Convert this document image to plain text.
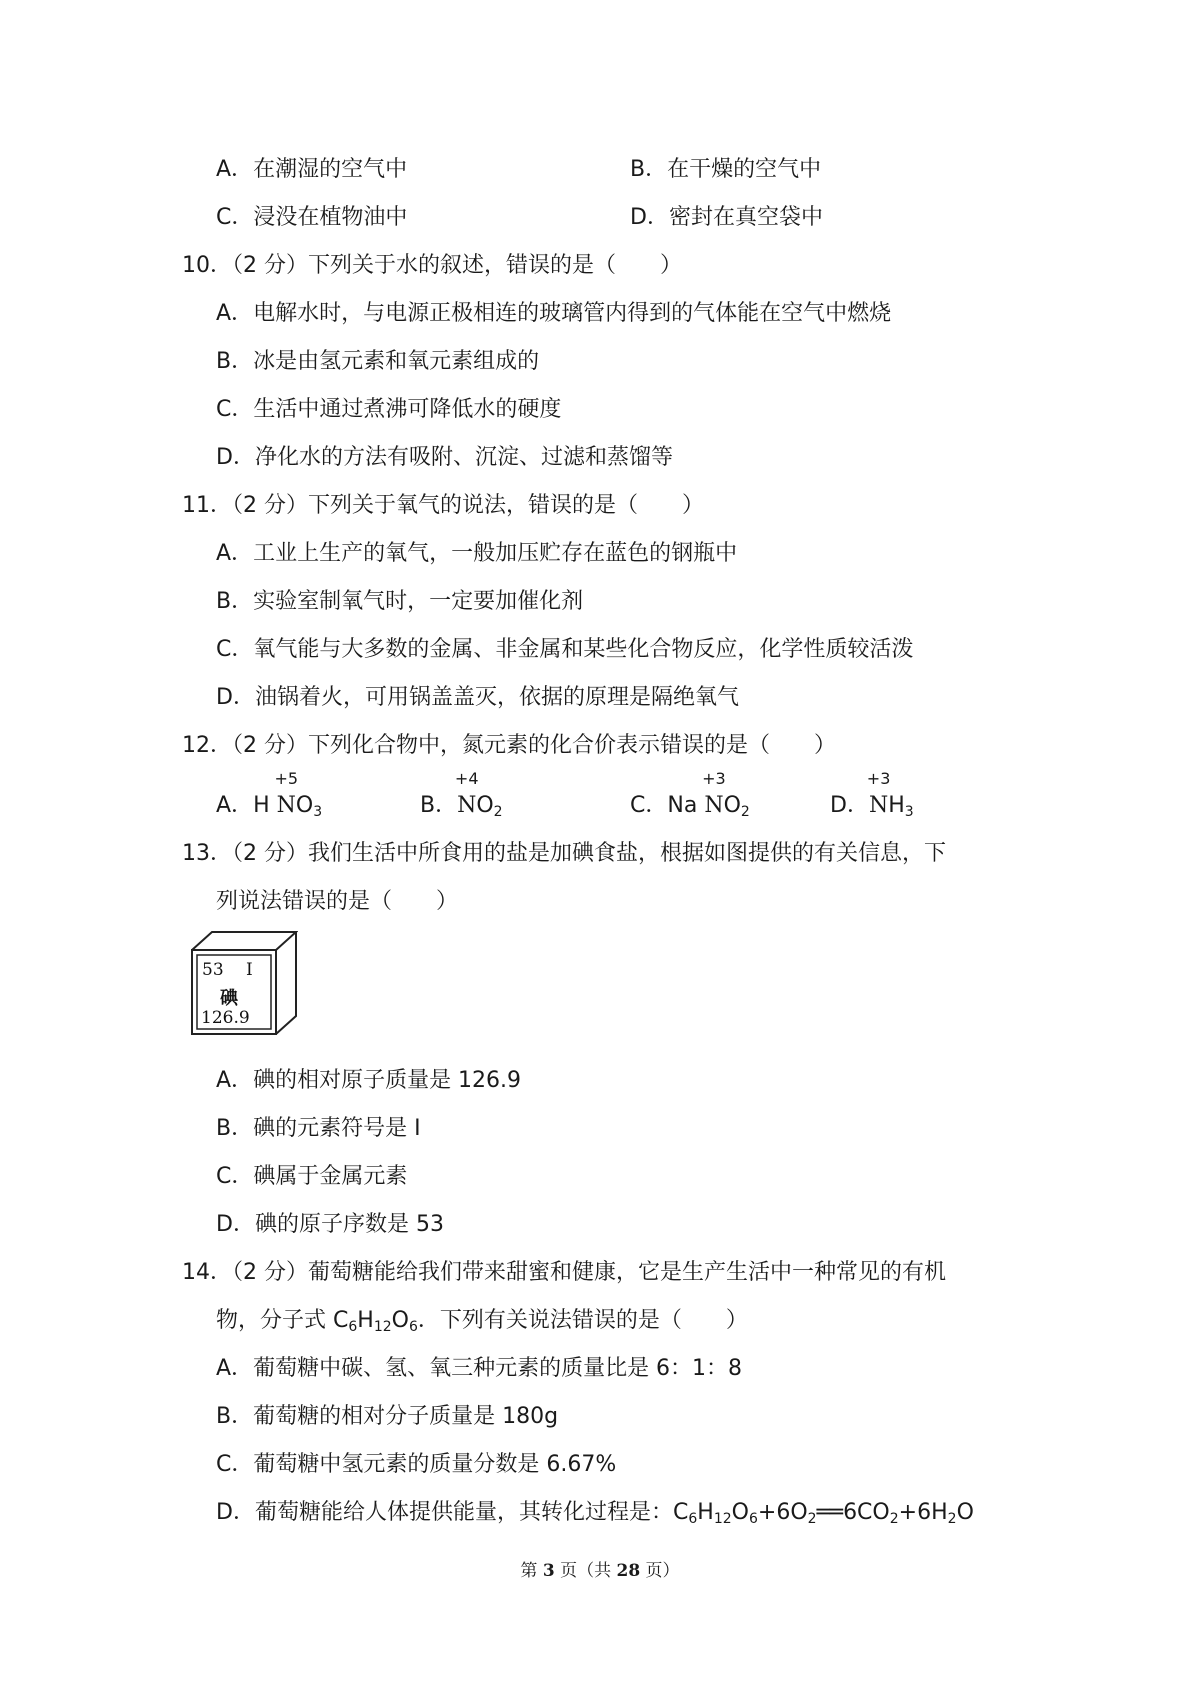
A．在潮湿的空气中	B．在干燥的空气中
C．浸没在植物油中	D．密封在真空袋中
10．（2 分）下列关于水的叙述，错误的是（　　）
A．电解水时，与电源正极相连的玻璃管内得到的气体能在空气中燃烧
B．冰是由氢元素和氧元素组成的
C．生活中通过煮沸可降低水的硬度
D．净化水的方法有吸附、沉淀、过滤和蒸馏等
11．（2 分）下列关于氧气的说法，错误的是（　　）
A．工业上生产的氧气，一般加压贮存在蓝色的钢瓶中
B．实验室制氧气时，一定要加催化剂
C．氧气能与大多数的金属、非金属和某些化合物反应，化学性质较活泼
D．油锅着火，可用锅盖盖灭，依据的原理是隔绝氧气
12．（2 分）下列化合物中，氮元素的化合价表示错误的是（　　）
A．H
+5
$NO_3$	B．
+4
$NO_2$	C．Na
+3
$NO_2$	D．
+3
$NH_3$
13．（2 分）我们生活中所食用的盐是加碘食盐，根据如图提供的有关信息，下
列说法错误的是（　　）
53 I
碘
126.9
A．碘的相对原子质量是 126.9
B．碘的元素符号是 I
C．碘属于金属元素
D．碘的原子序数是 53
14．（2 分）葡萄糖能给我们带来甜蜜和健康，它是生产生活中一种常见的有机
物，分子式 $C_6H_{12}O_6$．下列有关说法错误的是（　　）
A．葡萄糖中碳、氢、氧三种元素的质量比是 6：1：8
B．葡萄糖的相对分子质量是 180g
C．葡萄糖中氢元素的质量分数是 6.67%
D．葡萄糖能给人体提供能量，其转化过程是：$C_6H_{12}O_6+6O_2══6CO_2+6H_2O$
第 3 页（共 28 页）
